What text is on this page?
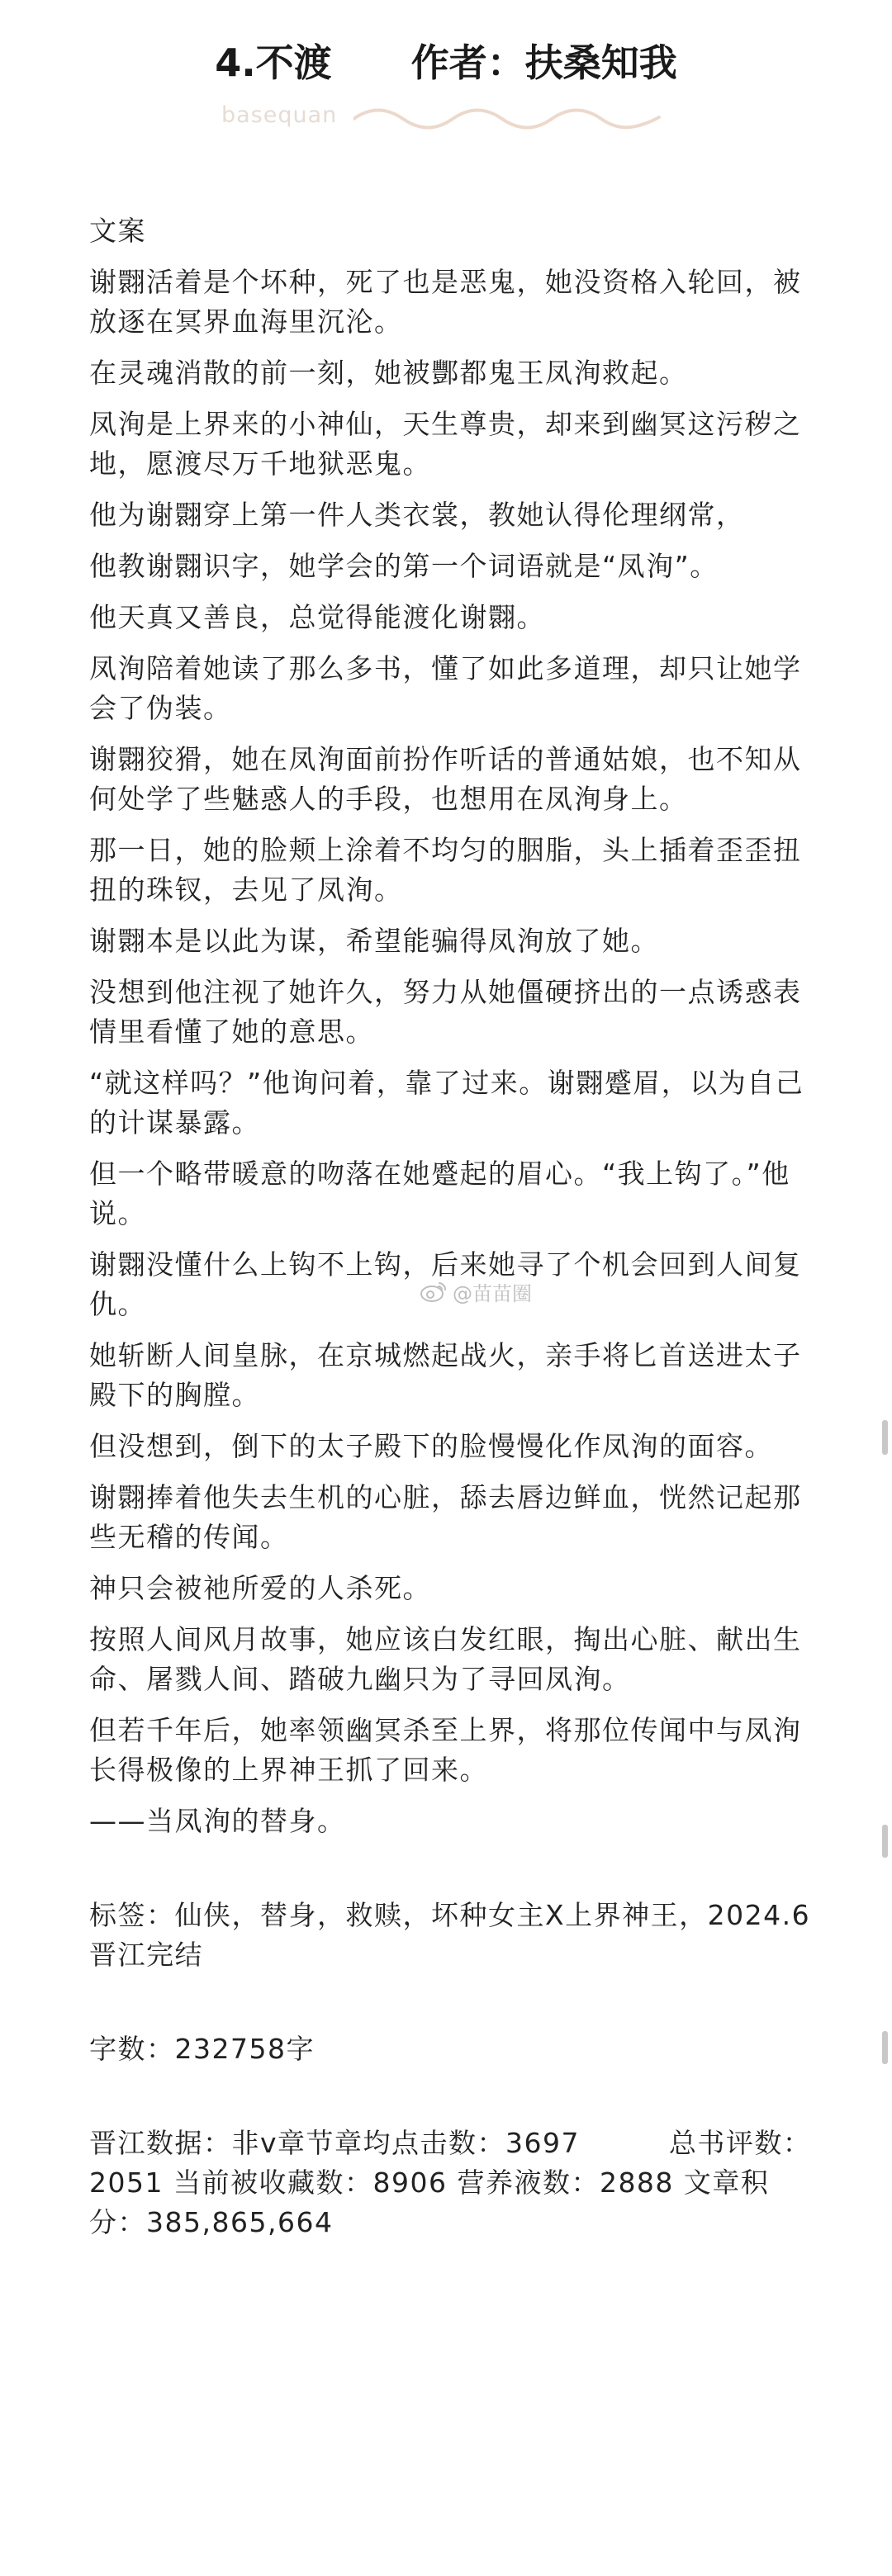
4.不渡      作者：扶桑知我
basequan

文案

谢翾活着是个坏种，死了也是恶鬼，她没资格入轮回，被放逐在冥界血海里沉沦。

在灵魂消散的前一刻，她被酆都鬼王凤洵救起。

凤洵是上界来的小神仙，天生尊贵，却来到幽冥这污秽之地，愿渡尽万千地狱恶鬼。

他为谢翾穿上第一件人类衣裳，教她认得伦理纲常，

他教谢翾识字，她学会的第一个词语就是“凤洵”。

他天真又善良，总觉得能渡化谢翾。

凤洵陪着她读了那么多书，懂了如此多道理，却只让她学会了伪装。

谢翾狡猾，她在凤洵面前扮作听话的普通姑娘，也不知从何处学了些魅惑人的手段，也想用在凤洵身上。

那一日，她的脸颊上涂着不均匀的胭脂，头上插着歪歪扭扭的珠钗，去见了凤洵。

谢翾本是以此为谋，希望能骗得凤洵放了她。

没想到他注视了她许久，努力从她僵硬挤出的一点诱惑表情里看懂了她的意思。

“就这样吗？”他询问着，靠了过来。谢翾蹙眉，以为自己的计谋暴露。

但一个略带暖意的吻落在她蹙起的眉心。“我上钩了。”他说。

谢翾没懂什么上钩不上钩，后来她寻了个机会回到人间复仇。

她斩断人间皇脉，在京城燃起战火，亲手将匕首送进太子殿下的胸膛。

但没想到，倒下的太子殿下的脸慢慢化作凤洵的面容。

谢翾捧着他失去生机的心脏，舔去唇边鲜血，恍然记起那些无稽的传闻。

神只会被祂所爱的人杀死。

按照人间风月故事，她应该白发红眼，掏出心脏、献出生命、屠戮人间、踏破九幽只为了寻回凤洵。

但若千年后，她率领幽冥杀至上界，将那位传闻中与凤洵长得极像的上界神王抓了回来。

——当凤洵的替身。

标签：仙侠，替身，救赎，坏种女主X上界神王，2024.6晋江完结

字数：232758字

晋江数据：非v章节章均点击数：3697         总书评数：2051 当前被收藏数：8906 营养液数：2888 文章积分：385,865,664

@苗苗圈
